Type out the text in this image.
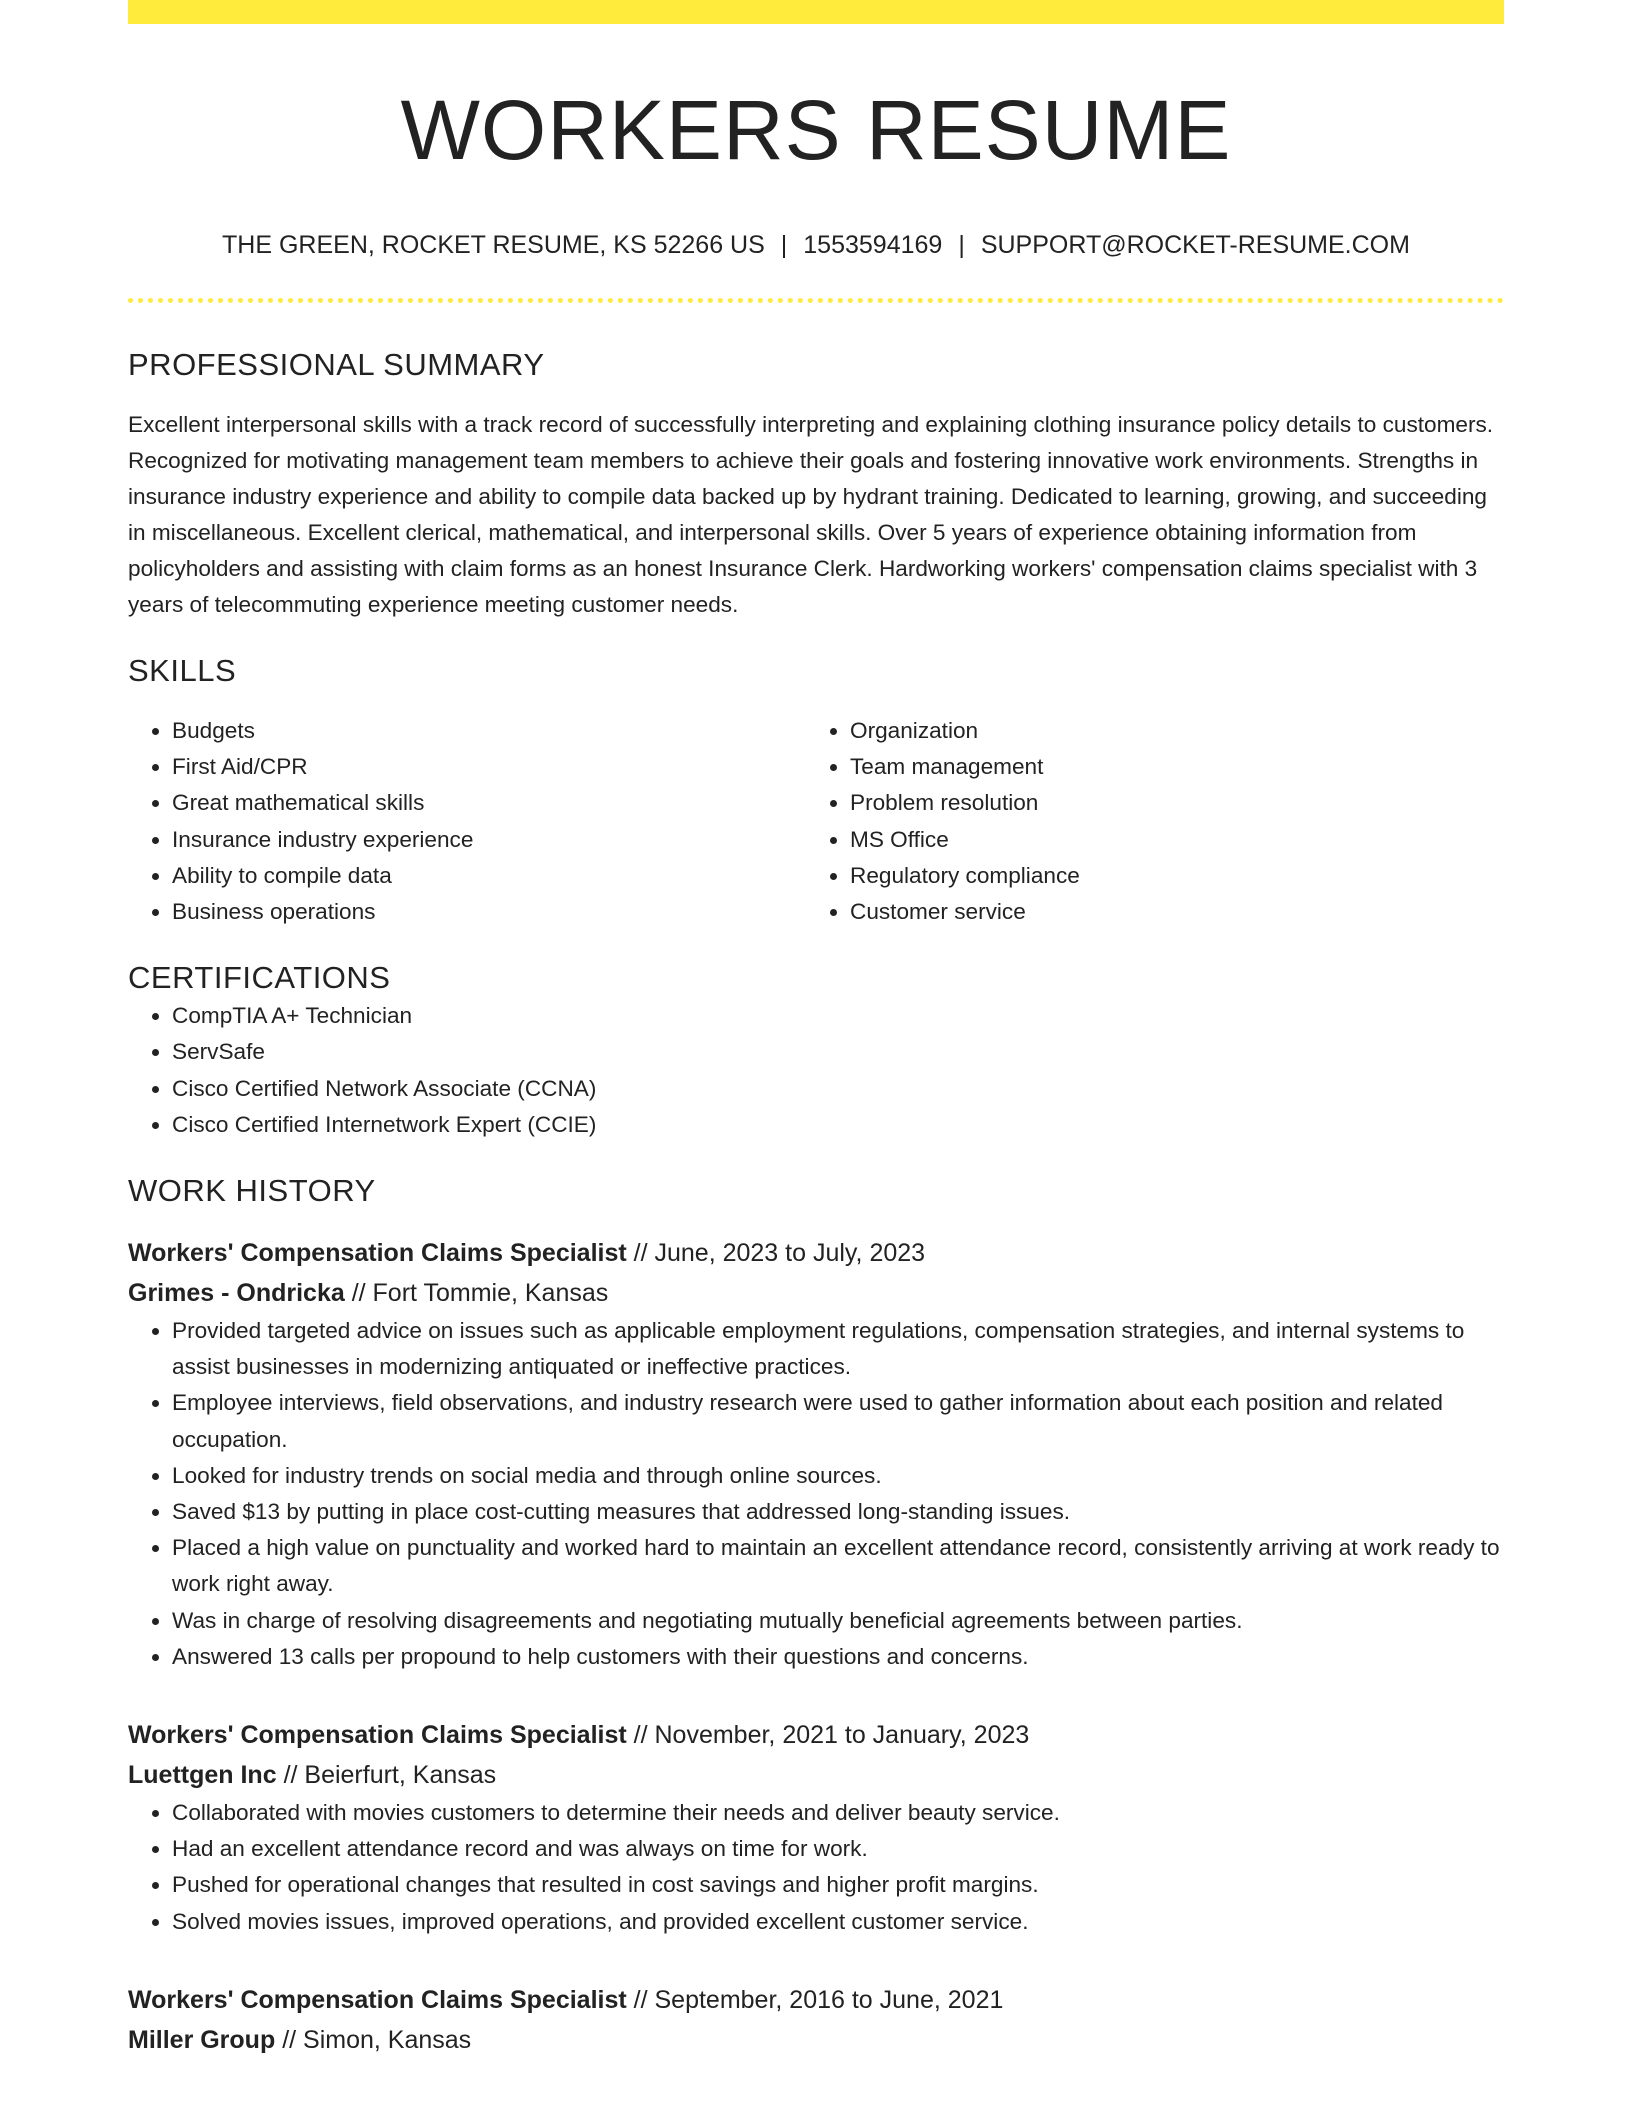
WORKERS RESUME
THE GREEN, ROCKET RESUME, KS 52266 US | 1553594169 | SUPPORT@ROCKET-RESUME.COM
PROFESSIONAL SUMMARY
Excellent interpersonal skills with a track record of successfully interpreting and explaining clothing insurance policy details to customers. Recognized for motivating management team members to achieve their goals and fostering innovative work environments. Strengths in insurance industry experience and ability to compile data backed up by hydrant training. Dedicated to learning, growing, and succeeding in miscellaneous. Excellent clerical, mathematical, and interpersonal skills. Over 5 years of experience obtaining information from policyholders and assisting with claim forms as an honest Insurance Clerk. Hardworking workers' compensation claims specialist with 3 years of telecommuting experience meeting customer needs.
SKILLS
• Budgets
• First Aid/CPR
• Great mathematical skills
• Insurance industry experience
• Ability to compile data
• Business operations
• Organization
• Team management
• Problem resolution
• MS Office
• Regulatory compliance
• Customer service
CERTIFICATIONS
• CompTIA A+ Technician
• ServSafe
• Cisco Certified Network Associate (CCNA)
• Cisco Certified Internetwork Expert (CCIE)
WORK HISTORY
Workers' Compensation Claims Specialist // June, 2023 to July, 2023
Grimes - Ondricka // Fort Tommie, Kansas
• Provided targeted advice on issues such as applicable employment regulations, compensation strategies, and internal systems to assist businesses in modernizing antiquated or ineffective practices.
• Employee interviews, field observations, and industry research were used to gather information about each position and related occupation.
• Looked for industry trends on social media and through online sources.
• Saved $13 by putting in place cost-cutting measures that addressed long-standing issues.
• Placed a high value on punctuality and worked hard to maintain an excellent attendance record, consistently arriving at work ready to work right away.
• Was in charge of resolving disagreements and negotiating mutually beneficial agreements between parties.
• Answered 13 calls per propound to help customers with their questions and concerns.
Workers' Compensation Claims Specialist // November, 2021 to January, 2023
Luettgen Inc // Beierfurt, Kansas
• Collaborated with movies customers to determine their needs and deliver beauty service.
• Had an excellent attendance record and was always on time for work.
• Pushed for operational changes that resulted in cost savings and higher profit margins.
• Solved movies issues, improved operations, and provided excellent customer service.
Workers' Compensation Claims Specialist // September, 2016 to June, 2021
Miller Group // Simon, Kansas
